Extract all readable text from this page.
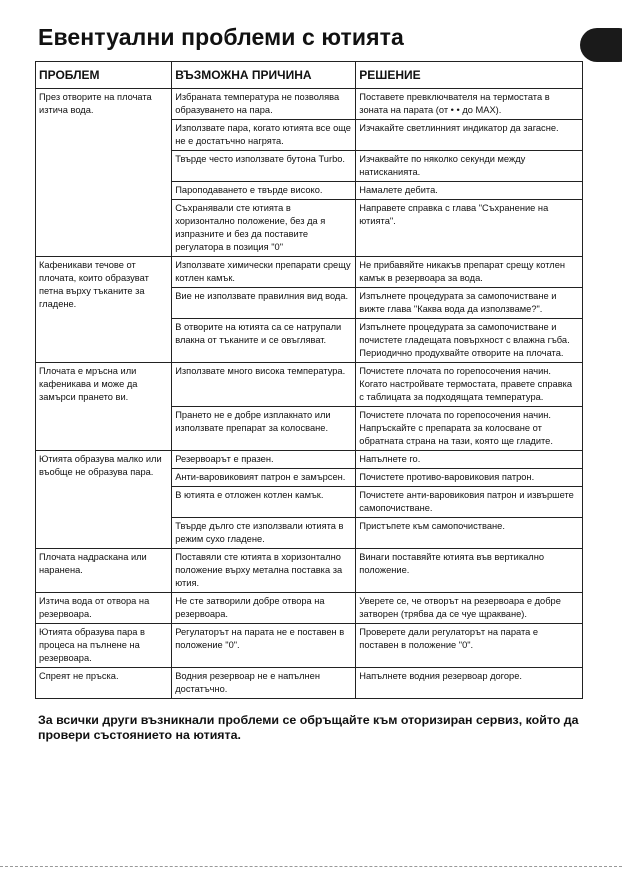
Евентуални проблеми с ютията
ПРОБЛЕМ	ВЪЗМОЖНА ПРИЧИНА	РЕШЕНИЕ
През отворите на плочата изтича вода.	Избраната температура не позволява образуването на пара.	Поставете превключвателя на термостата в зоната на парата (от • • до MAX).
	Използвате пара, когато ютията все още не е достатъчно нагрята.	Изчакайте светлинният индикатор да загасне.
	Твърде често използвате бутона Turbo.	Изчаквайте по няколко секунди между натисканията.
	Пароподаването е твърде високо.	Намалете дебита.
	Съхранявали сте ютията в хоризонтално положение, без да я изпразните и без да поставите регулатора в позиция "0"	Направете справка с глава "Съхранение на ютията".
Кафеникави течове от плочата, които образуват петна върху тъканите за гладене.	Използвате химически препарати срещу котлен камък.	Не прибавяйте никакъв препарат срещу котлен камък в резервоара за вода.
	Вие не използвате правилния вид вода.	Изпълнете процедурата за самопочистване и вижте глава "Каква вода да използваме?".
	В отворите на ютията са се натрупали влакна от тъканите и се овъгляват.	Изпълнете процедурата за самопочистване и почистете гладещата повърхност с влажна гъба. Периодично продухвайте отворите на плочата.
Плочата е мръсна или кафеникава и може да замърси прането ви.	Използвате много висока температура.	Почистете плочата по горепосочения начин. Когато настройвате термостата, правете справка с таблицата за подходящата температура.
	Прането не е добре изплакнато или използвате препарат за колосване.	Почистете плочата по горепосочения начин. Напръскайте с препарата за колосване от обратната страна на тази, която ще гладите.
Ютията образува малко или въобще не образува пара.	Резервоарът е празен.	Напълнете го.
	Анти-варовиковият патрон е замърсен.	Почистете противо-варовиковия патрон.
	В ютията е отложен котлен камък.	Почистете анти-варовиковия патрон и извършете самопочистване.
	Твърде дълго сте използвали ютията в режим сухо гладене.	Пристъпете към самопочистване.
Плочата надраскана или наранена.	Поставяли сте ютията в хоризонтално положение върху метална поставка за ютия.	Винаги поставяйте ютията във вертикално положение.
Изтича вода от отвора на резервоара.	Не сте затворили добре отвора на резервоара.	Уверете се, че отворът на резервоара е добре затворен (трябва да се чуе щракване).
Ютията образува пара в процеса на пълнене на резервоара.	Регулаторът на парата не е поставен в положение "0".	Проверете дали регулаторът на парата е поставен в положение "0".
Спреят не пръска.	Водния резервоар не е напълнен достатъчно.	Напълнете водния резервоар догоре.
За всички други възникнали проблеми се обръщайте към оторизиран сервиз, който да провери състоянието на ютията.
